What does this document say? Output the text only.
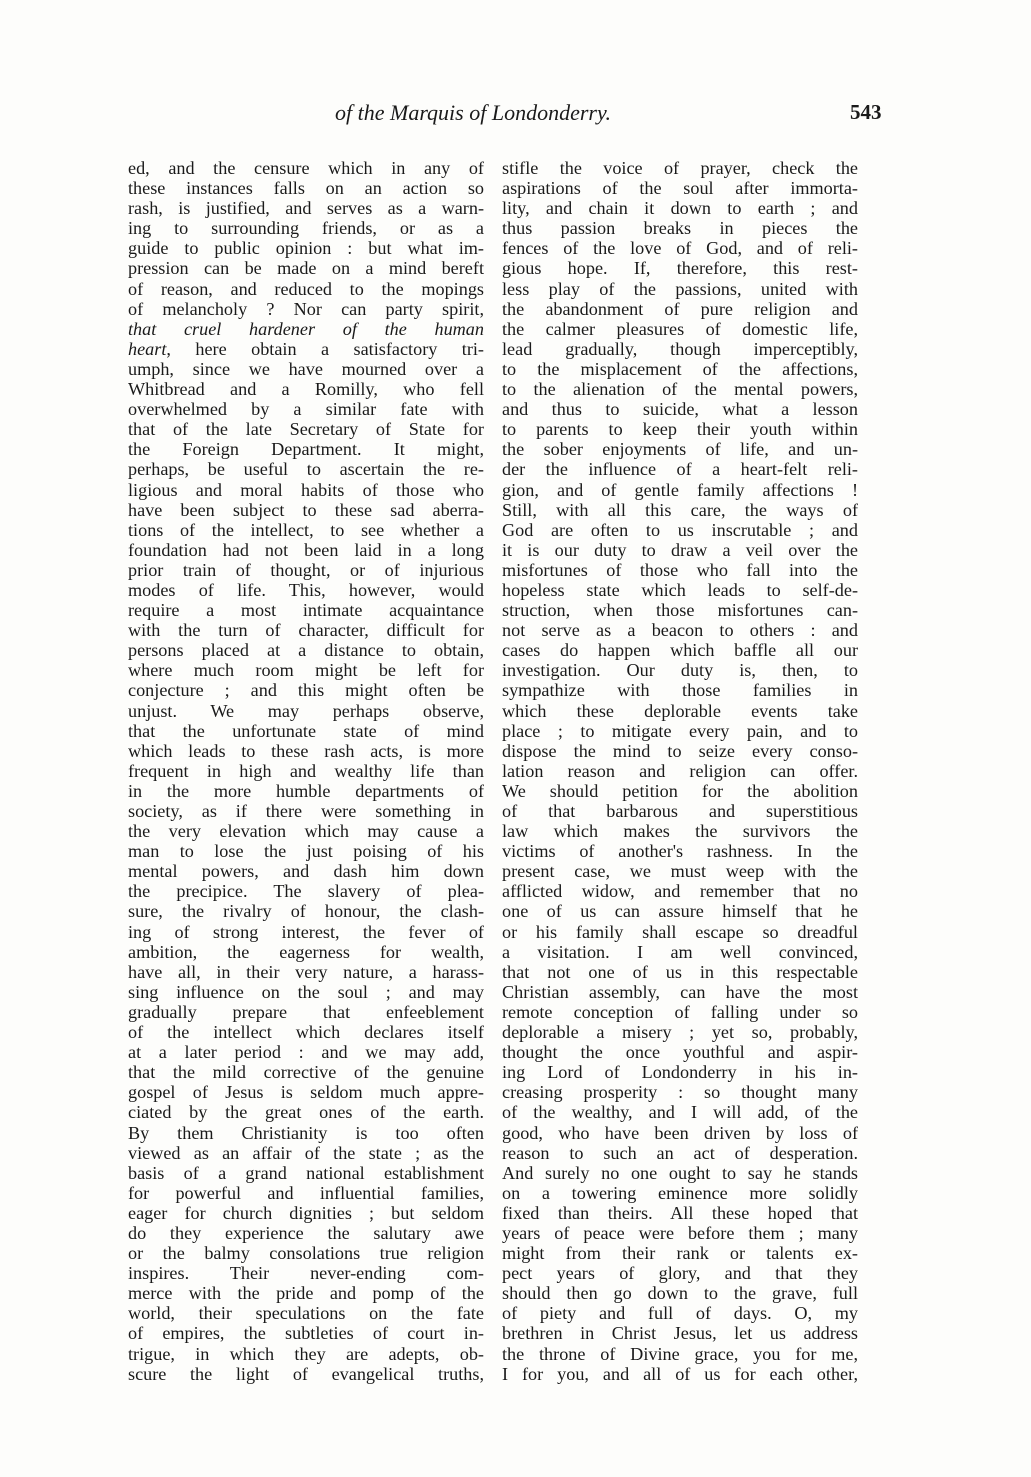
of the Marquis of Londonderry.	543
ed, and the censure which in any of
these instances falls on an action so
rash, is justified, and serves as a warn-
ing to surrounding friends, or as a
guide to public opinion : but what im-
pression can be made on a mind bereft
of reason, and reduced to the mopings
of melancholy ? Nor can party spirit,
that cruel hardener of the human
heart, here obtain a satisfactory tri-
umph, since we have mourned over a
Whitbread and a Romilly, who fell
overwhelmed by a similar fate with
that of the late Secretary of State for
the Foreign Department. It might,
perhaps, be useful to ascertain the re-
ligious and moral habits of those who
have been subject to these sad aberra-
tions of the intellect, to see whether a
foundation had not been laid in a long
prior train of thought, or of injurious
modes of life. This, however, would
require a most intimate acquaintance
with the turn of character, difficult for
persons placed at a distance to obtain,
where much room might be left for
conjecture ; and this might often be
unjust. We may perhaps observe,
that the unfortunate state of mind
which leads to these rash acts, is more
frequent in high and wealthy life than
in the more humble departments of
society, as if there were something in
the very elevation which may cause a
man to lose the just poising of his
mental powers, and dash him down
the precipice. The slavery of plea-
sure, the rivalry of honour, the clash-
ing of strong interest, the fever of
ambition, the eagerness for wealth,
have all, in their very nature, a harass-
sing influence on the soul ; and may
gradually prepare that enfeeblement
of the intellect which declares itself
at a later period : and we may add,
that the mild corrective of the genuine
gospel of Jesus is seldom much appre-
ciated by the great ones of the earth.
By them Christianity is too often
viewed as an affair of the state ; as the
basis of a grand national establishment
for powerful and influential families,
eager for church dignities ; but seldom
do they experience the salutary awe
or the balmy consolations true religion
inspires. Their never-ending com-
merce with the pride and pomp of the
world, their speculations on the fate
of empires, the subtleties of court in-
trigue, in which they are adepts, ob-
scure the light of evangelical truths,
stifle the voice of prayer, check the
aspirations of the soul after immorta-
lity, and chain it down to earth ; and
thus passion breaks in pieces the
fences of the love of God, and of reli-
gious hope. If, therefore, this rest-
less play of the passions, united with
the abandonment of pure religion and
the calmer pleasures of domestic life,
lead gradually, though imperceptibly,
to the misplacement of the affections,
to the alienation of the mental powers,
and thus to suicide, what a lesson
to parents to keep their youth within
the sober enjoyments of life, and un-
der the influence of a heart-felt reli-
gion, and of gentle family affections !
Still, with all this care, the ways of
God are often to us inscrutable ; and
it is our duty to draw a veil over the
misfortunes of those who fall into the
hopeless state which leads to self-de-
struction, when those misfortunes can-
not serve as a beacon to others : and
cases do happen which baffle all our
investigation. Our duty is, then, to
sympathize with those families in
which these deplorable events take
place ; to mitigate every pain, and to
dispose the mind to seize every conso-
lation reason and religion can offer.
We should petition for the abolition
of that barbarous and superstitious
law which makes the survivors the
victims of another's rashness. In the
present case, we must weep with the
afflicted widow, and remember that no
one of us can assure himself that he
or his family shall escape so dreadful
a visitation. I am well convinced,
that not one of us in this respectable
Christian assembly, can have the most
remote conception of falling under so
deplorable a misery ; yet so, probably,
thought the once youthful and aspir-
ing Lord of Londonderry in his in-
creasing prosperity : so thought many
of the wealthy, and I will add, of the
good, who have been driven by loss of
reason to such an act of desperation.
And surely no one ought to say he stands
on a towering eminence more solidly
fixed than theirs. All these hoped that
years of peace were before them ; many
might from their rank or talents ex-
pect years of glory, and that they
should then go down to the grave, full
of piety and full of days. O, my
brethren in Christ Jesus, let us address
the throne of Divine grace, you for me,
I for you, and all of us for each other,
